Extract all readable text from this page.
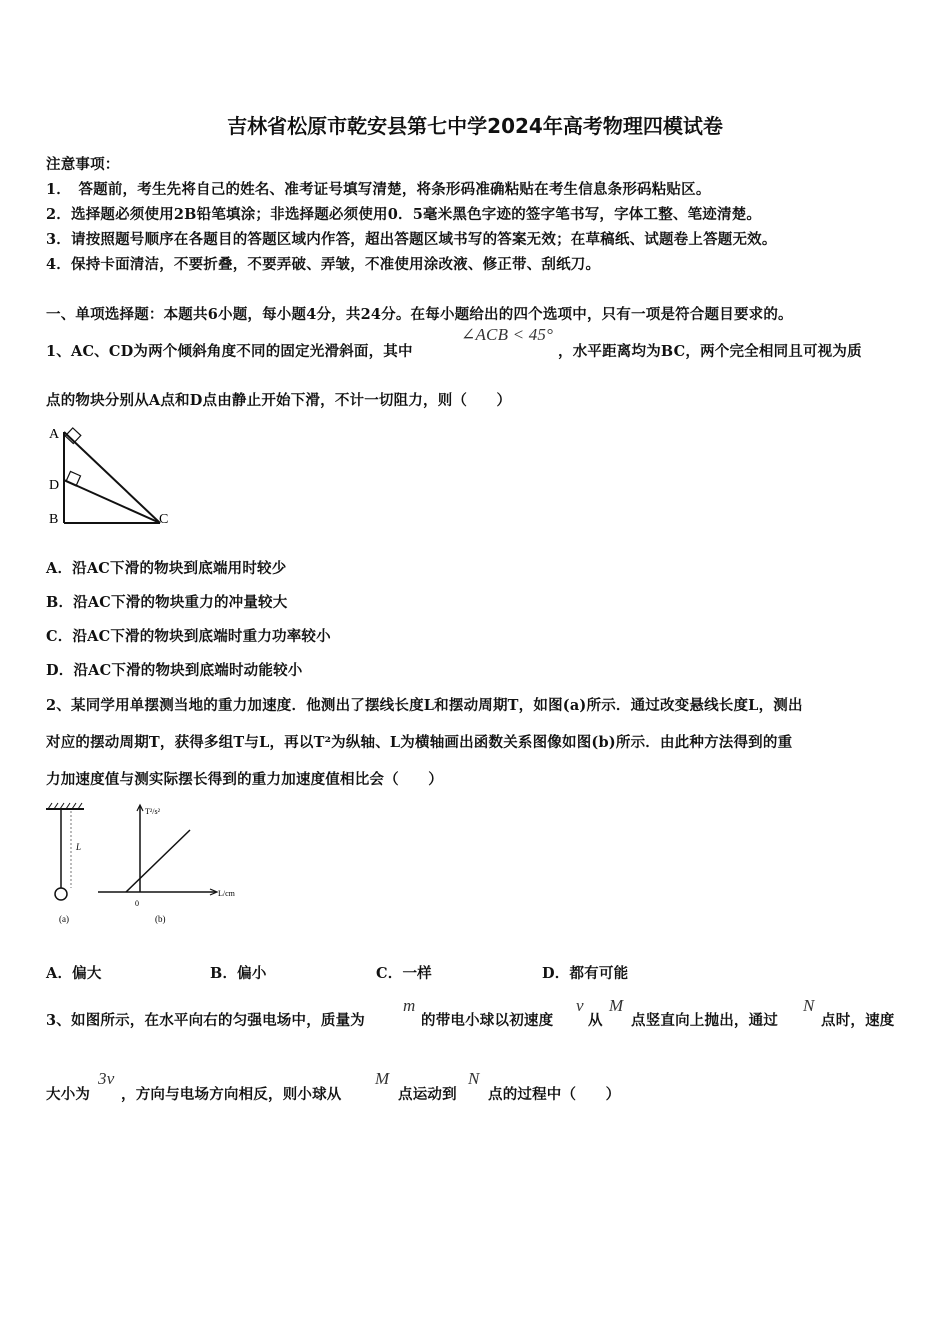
吉林省松原市乾安县第七中学2024年高考物理四模试卷
注意事项：
1．　答题前，考生先将自己的姓名、准考证号填写清楚，将条形码准确粘贴在考生信息条形码粘贴区。
2．选择题必须使用2B铅笔填涂；非选择题必须使用0．5毫米黑色字迹的签字笔书写，字体工整、笔迹清楚。
3．请按照题号顺序在各题目的答题区域内作答，超出答题区域书写的答案无效；在草稿纸、试题卷上答题无效。
4．保持卡面清洁，不要折叠，不要弄破、弄皱，不准使用涂改液、修正带、刮纸刀。
一、单项选择题：本题共6小题，每小题4分，共24分。在每小题给出的四个选项中，只有一项是符合题目要求的。
1、AC、CD为两个倾斜角度不同的固定光滑斜面，其中
∠ACB < 45°
，水平距离均为BC，两个完全相同且可视为质
点的物块分别从A点和D点由静止开始下滑，不计一切阻力，则（　　）
A
D
B	C
A．沿AC下滑的物块到底端用时较少
B．沿AC下滑的物块重力的冲量较大
C．沿AC下滑的物块到底端时重力功率较小
D．沿AC下滑的物块到底端时动能较小
2、某同学用单摆测当地的重力加速度．他测出了摆线长度L和摆动周期T，如图(a)所示．通过改变悬线长度L，测出
对应的摆动周期T，获得多组T与L，再以T²为纵轴、L为横轴画出函数关系图像如图(b)所示．由此种方法得到的重
力加速度值与测实际摆长得到的重力加速度值相比会（　　）
L
(a)
T²/s²
L/cm
0
(b)
A．偏大	B．偏小	C．一样	D．都有可能
3、如图所示，在水平向右的匀强电场中，质量为
m
的带电小球以初速度
v
从
M
点竖直向上抛出，通过
N
点时，速度
大小为
3v
，方向与电场方向相反，则小球从
M
点运动到
N
点的过程中（　　）
